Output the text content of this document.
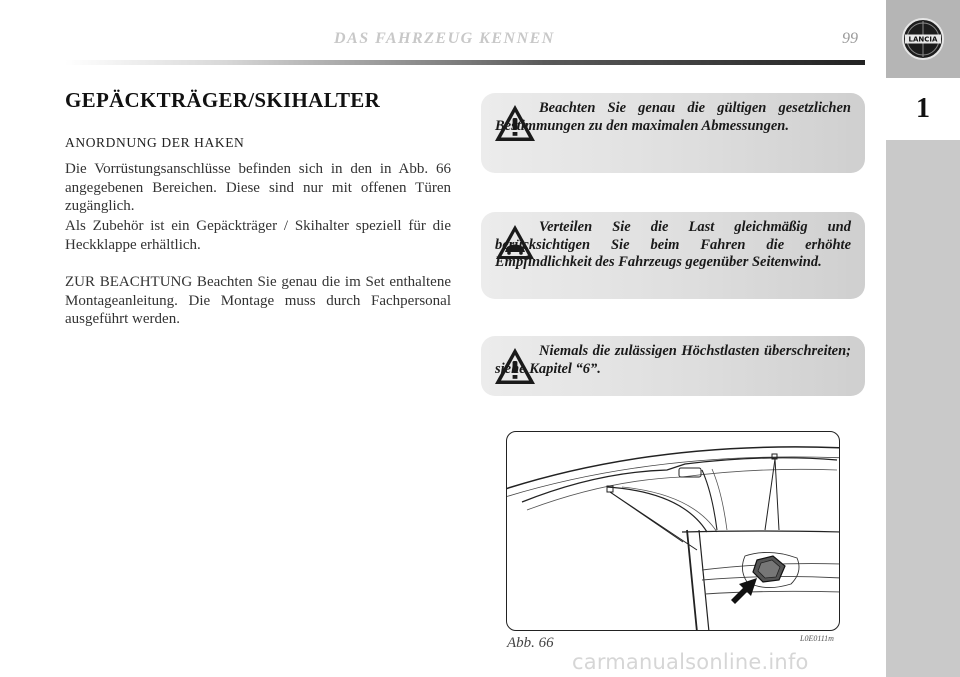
DAS FAHRZEUG KENNEN	99	LANCIA
1
GEPÄCKTRÄGER/SKIHALTER
ANORDNUNG DER HAKEN
Die Vorrüstungsanschlüsse befinden sich in den in Abb. 66 angegebenen Bereichen. Diese sind nur mit offenen Türen zugänglich.
Als Zubehör ist ein Gepäckträger / Skihalter speziell für die Heckklappe erhältlich.
ZUR BEACHTUNG Beachten Sie genau die im Set enthaltene Montageanleitung. Die Montage muss durch Fachpersonal ausgeführt werden.
Beachten Sie genau die gültigen gesetzlichen Bestimmungen zu den maximalen Abmessungen.
Verteilen Sie die Last gleichmäßig und berücksichtigen Sie beim Fahren die erhöhte Empfindlichkeit des Fahrzeugs gegenüber Seitenwind.
Niemals die zulässigen Höchstlasten überschreiten; siehe Kapitel “6”.
L0E0111m
Abb. 66
carmanualsonline.info
